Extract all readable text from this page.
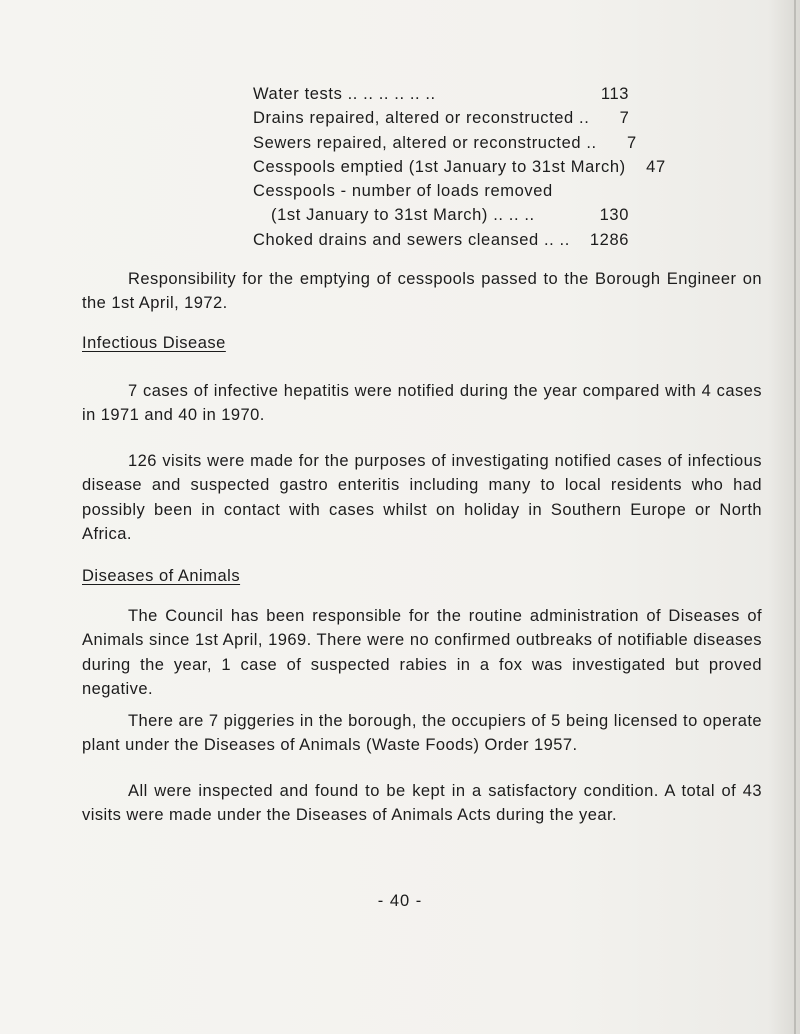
Water tests .. .. .. .. .. ..	113
Drains repaired, altered or reconstructed ..	7
Sewers repaired, altered or reconstructed ..	7
Cesspools emptied (1st January to 31st March)	47
Cesspools - number of loads removed
(1st January to 31st March) .. .. ..	130
Choked drains and sewers cleansed .. .. 1286

Responsibility for the emptying of cesspools passed to the Borough Engineer on the 1st April, 1972.

Infectious Disease

7 cases of infective hepatitis were notified during the year compared with 4 cases in 1971 and 40 in 1970.

126 visits were made for the purposes of investigating notified cases of infectious disease and suspected gastro enteritis including many to local residents who had possibly been in contact with cases whilst on holiday in Southern Europe or North Africa.

Diseases of Animals

The Council has been responsible for the routine administration of Diseases of Animals since 1st April, 1969. There were no confirmed outbreaks of notifiable diseases during the year, 1 case of suspected rabies in a fox was investigated but proved negative.

There are 7 piggeries in the borough, the occupiers of 5 being licensed to operate plant under the Diseases of Animals (Waste Foods) Order 1957.

All were inspected and found to be kept in a satisfactory condition. A total of 43 visits were made under the Diseases of Animals Acts during the year.

- 40 -
